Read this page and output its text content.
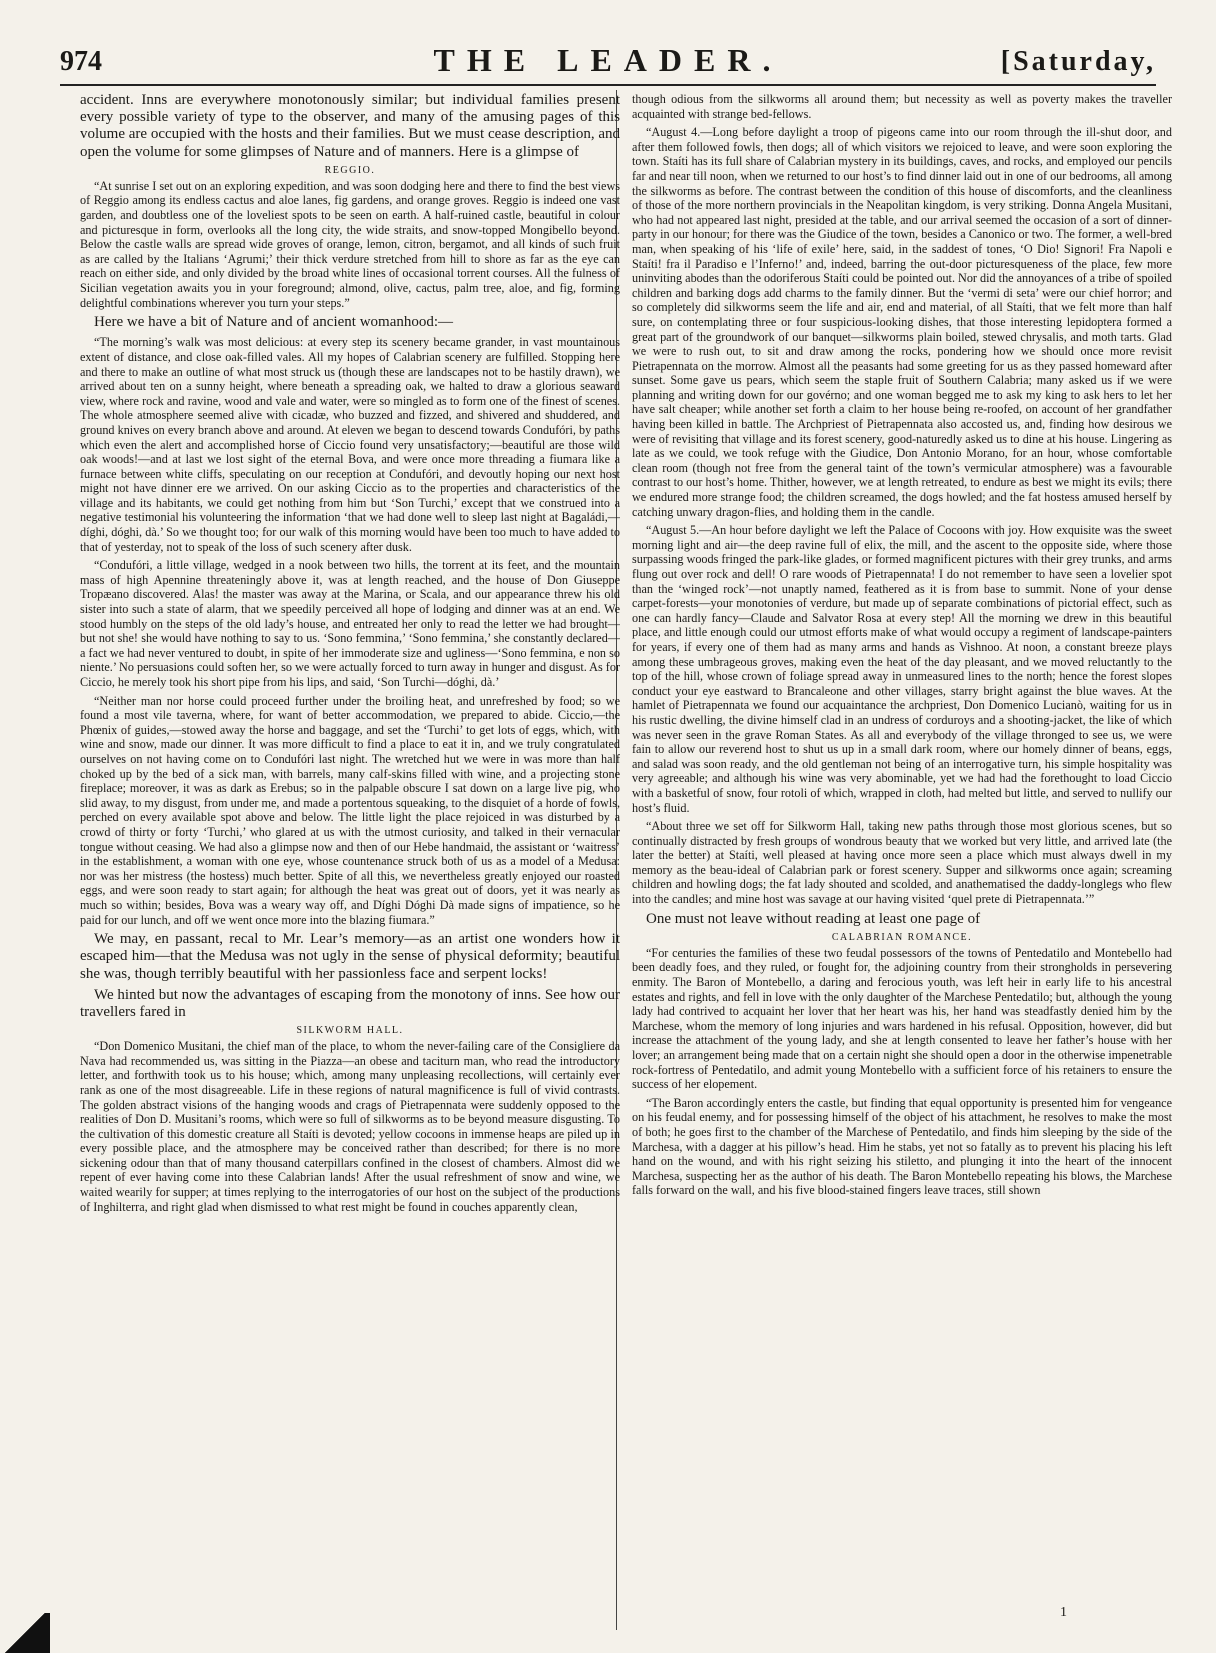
974	THE LEADER.	[Saturday,

accident. Inns are everywhere monotonously similar; but individual families present every possible variety of type to the observer, and many of the amusing pages of this volume are occupied with the hosts and their families. But we must cease description, and open the volume for some glimpses of Nature and of manners. Here is a glimpse of

REGGIO.

“At sunrise I set out on an exploring expedition, and was soon dodging here and there to find the best views of Reggio among its endless cactus and aloe lanes, fig gardens, and orange groves. Reggio is indeed one vast garden, and doubtless one of the loveliest spots to be seen on earth. A half-ruined castle, beautiful in colour and picturesque in form, overlooks all the long city, the wide straits, and snow-topped Mongibello beyond. Below the castle walls are spread wide groves of orange, lemon, citron, bergamot, and all kinds of such fruit as are called by the Italians ‘Agrumi;’ their thick verdure stretched from hill to shore as far as the eye can reach on either side, and only divided by the broad white lines of occasional torrent courses. All the fulness of Sicilian vegetation awaits you in your foreground; almond, olive, cactus, palm tree, aloe, and fig, forming delightful combinations wherever you turn your steps.”

Here we have a bit of Nature and of ancient womanhood:—

“The morning’s walk was most delicious: at every step its scenery became grander, in vast mountainous extent of distance, and close oak-filled vales. All my hopes of Calabrian scenery are fulfilled. Stopping here and there to make an outline of what most struck us (though these are landscapes not to be hastily drawn), we arrived about ten on a sunny height, where beneath a spreading oak, we halted to draw a glorious seaward view, where rock and ravine, wood and vale and water, were so mingled as to form one of the finest of scenes. The whole atmosphere seemed alive with cicadæ, who buzzed and fizzed, and shivered and shuddered, and ground knives on every branch above and around. At eleven we began to descend towards Condufóri, by paths which even the alert and accomplished horse of Ciccio found very unsatisfactory;—beautiful are those wild oak woods!—and at last we lost sight of the eternal Bova, and were once more threading a fiumara like a furnace between white cliffs, speculating on our reception at Condufóri, and devoutly hoping our next host might not have dinner ere we arrived. On our asking Ciccio as to the properties and characteristics of the village and its habitants, we could get nothing from him but ‘Son Turchi,’ except that we construed into a negative testimonial his volunteering the information ‘that we had done well to sleep last night at Bagaládi,—díghi, dóghi, dà.’ So we thought too; for our walk of this morning would have been too much to have added to that of yesterday, not to speak of the loss of such scenery after dusk.

“Condufóri, a little village, wedged in a nook between two hills, the torrent at its feet, and the mountain mass of high Apennine threateningly above it, was at length reached, and the house of Don Giuseppe Tropæano discovered. Alas! the master was away at the Marina, or Scala, and our appearance threw his old sister into such a state of alarm, that we speedily perceived all hope of lodging and dinner was at an end. We stood humbly on the steps of the old lady’s house, and entreated her only to read the letter we had brought—but not she! she would have nothing to say to us. ‘Sono femmina,’ ‘Sono femmina,’ she constantly declared—a fact we had never ventured to doubt, in spite of her immoderate size and ugliness—‘Sono femmina, e non so niente.’ No persuasions could soften her, so we were actually forced to turn away in hunger and disgust. As for Ciccio, he merely took his short pipe from his lips, and said, ‘Son Turchi—dóghi, dà.’

“Neither man nor horse could proceed further under the broiling heat, and unrefreshed by food; so we found a most vile taverna, where, for want of better accommodation, we prepared to abide. Ciccio,—the Phœnix of guides,—stowed away the horse and baggage, and set the ‘Turchi’ to get lots of eggs, which, with wine and snow, made our dinner. It was more difficult to find a place to eat it in, and we truly congratulated ourselves on not having come on to Condufóri last night. The wretched hut we were in was more than half choked up by the bed of a sick man, with barrels, many calf-skins filled with wine, and a projecting stone fireplace; moreover, it was as dark as Erebus; so in the palpable obscure I sat down on a large live pig, who slid away, to my disgust, from under me, and made a portentous squeaking, to the disquiet of a horde of fowls, perched on every available spot above and below. The little light the place rejoiced in was disturbed by a crowd of thirty or forty ‘Turchi,’ who glared at us with the utmost curiosity, and talked in their vernacular tongue without ceasing. We had also a glimpse now and then of our Hebe handmaid, the assistant or ‘waitress’ in the establishment, a woman with one eye, whose countenance struck both of us as a model of a Medusa: nor was her mistress (the hostess) much better. Spite of all this, we nevertheless greatly enjoyed our roasted eggs, and were soon ready to start again; for although the heat was great out of doors, yet it was nearly as much so within; besides, Bova was a weary way off, and Díghi Dóghi Dà made signs of impatience, so he paid for our lunch, and off we went once more into the blazing fiumara.”

We may, en passant, recal to Mr. Lear’s memory—as an artist one wonders how it escaped him—that the Medusa was not ugly in the sense of physical deformity; beautiful she was, though terribly beautiful with her passionless face and serpent locks!

We hinted but now the advantages of escaping from the monotony of inns. See how our travellers fared in

SILKWORM HALL.

“Don Domenico Musitani, the chief man of the place, to whom the never-failing care of the Consigliere da Nava had recommended us, was sitting in the Piazza—an obese and taciturn man, who read the introductory letter, and forthwith took us to his house; which, among many unpleasing recollections, will certainly ever rank as one of the most disagreeable. Life in these regions of natural magnificence is full of vivid contrasts. The golden abstract visions of the hanging woods and crags of Pietrapennata were suddenly opposed to the realities of Don D. Musitani’s rooms, which were so full of silkworms as to be beyond measure disgusting. To the cultivation of this domestic creature all Staíti is devoted; yellow cocoons in immense heaps are piled up in every possible place, and the atmosphere may be conceived rather than described; for there is no more sickening odour than that of many thousand caterpillars confined in the closest of chambers. Almost did we repent of ever having come into these Calabrian lands! After the usual refreshment of snow and wine, we waited wearily for supper; at times replying to the interrogatories of our host on the subject of the productions of Inghilterra, and right glad when dismissed to what rest might be found in couches apparently clean,

though odious from the silkworms all around them; but necessity as well as poverty makes the traveller acquainted with strange bed-fellows.

“August 4.—Long before daylight a troop of pigeons came into our room through the ill-shut door, and after them followed fowls, then dogs; all of which visitors we rejoiced to leave, and were soon exploring the town. Staíti has its full share of Calabrian mystery in its buildings, caves, and rocks, and employed our pencils far and near till noon, when we returned to our host’s to find dinner laid out in one of our bedrooms, all among the silkworms as before. The contrast between the condition of this house of discomforts, and the cleanliness of those of the more northern provincials in the Neapolitan kingdom, is very striking. Donna Angela Musitani, who had not appeared last night, presided at the table, and our arrival seemed the occasion of a sort of dinner-party in our honour; for there was the Giudice of the town, besides a Canonico or two. The former, a well-bred man, when speaking of his ‘life of exile’ here, said, in the saddest of tones, ‘O Dio! Signori! Fra Napoli e Staíti! fra il Paradiso e l’Inferno!’ and, indeed, barring the out-door picturesqueness of the place, few more uninviting abodes than the odoriferous Staíti could be pointed out. Nor did the annoyances of a tribe of spoiled children and barking dogs add charms to the family dinner. But the ‘vermi di seta’ were our chief horror; and so completely did silkworms seem the life and air, end and material, of all Staíti, that we felt more than half sure, on contemplating three or four suspicious-looking dishes, that those interesting lepidoptera formed a great part of the groundwork of our banquet—silkworms plain boiled, stewed chrysalis, and moth tarts. Glad we were to rush out, to sit and draw among the rocks, pondering how we should once more revisit Pietrapennata on the morrow. Almost all the peasants had some greeting for us as they passed homeward after sunset. Some gave us pears, which seem the staple fruit of Southern Calabria; many asked us if we were planning and writing down for our govérno; and one woman begged me to ask my king to ask hers to let her have salt cheaper; while another set forth a claim to her house being re-roofed, on account of her grandfather having been killed in battle. The Archpriest of Pietrapennata also accosted us, and, finding how desirous we were of revisiting that village and its forest scenery, good-naturedly asked us to dine at his house. Lingering as late as we could, we took refuge with the Giudice, Don Antonio Morano, for an hour, whose comfortable clean room (though not free from the general taint of the town’s vermicular atmosphere) was a favourable contrast to our host’s home. Thither, however, we at length retreated, to endure as best we might its evils; there we endured more strange food; the children screamed, the dogs howled; and the fat hostess amused herself by catching unwary dragon-flies, and holding them in the candle.

“August 5.—An hour before daylight we left the Palace of Cocoons with joy. How exquisite was the sweet morning light and air—the deep ravine full of elix, the mill, and the ascent to the opposite side, where those surpassing woods fringed the park-like glades, or formed magnificent pictures with their grey trunks, and arms flung out over rock and dell! O rare woods of Pietrapennata! I do not remember to have seen a lovelier spot than the ‘winged rock’—not unaptly named, feathered as it is from base to summit. None of your dense carpet-forests—your monotonies of verdure, but made up of separate combinations of pictorial effect, such as one can hardly fancy—Claude and Salvator Rosa at every step! All the morning we drew in this beautiful place, and little enough could our utmost efforts make of what would occupy a regiment of landscape-painters for years, if every one of them had as many arms and hands as Vishnoo. At noon, a constant breeze plays among these umbrageous groves, making even the heat of the day pleasant, and we moved reluctantly to the top of the hill, whose crown of foliage spread away in unmeasured lines to the north; hence the forest slopes conduct your eye eastward to Brancaleone and other villages, starry bright against the blue waves. At the hamlet of Pietrapennata we found our acquaintance the archpriest, Don Domenico Lucianò, waiting for us in his rustic dwelling, the divine himself clad in an undress of corduroys and a shooting-jacket, the like of which was never seen in the grave Roman States. As all and everybody of the village thronged to see us, we were fain to allow our reverend host to shut us up in a small dark room, where our homely dinner of beans, eggs, and salad was soon ready, and the old gentleman not being of an interrogative turn, his simple hospitality was very agreeable; and although his wine was very abominable, yet we had had the forethought to load Ciccio with a basketful of snow, four rotoli of which, wrapped in cloth, had melted but little, and served to nullify our host’s fluid.

“About three we set off for Silkworm Hall, taking new paths through those most glorious scenes, but so continually distracted by fresh groups of wondrous beauty that we worked but very little, and arrived late (the later the better) at Staíti, well pleased at having once more seen a place which must always dwell in my memory as the beau-ideal of Calabrian park or forest scenery. Supper and silkworms once again; screaming children and howling dogs; the fat lady shouted and scolded, and anathematised the daddy-longlegs who flew into the candles; and mine host was savage at our having visited ‘quel prete di Pietrapennata.’”

One must not leave without reading at least one page of

CALABRIAN ROMANCE.

“For centuries the families of these two feudal possessors of the towns of Pentedatilo and Montebello had been deadly foes, and they ruled, or fought for, the adjoining country from their strongholds in persevering enmity. The Baron of Montebello, a daring and ferocious youth, was left heir in early life to his ancestral estates and rights, and fell in love with the only daughter of the Marchese Pentedatilo; but, although the young lady had contrived to acquaint her lover that her heart was his, her hand was steadfastly denied him by the Marchese, whom the memory of long injuries and wars hardened in his refusal. Opposition, however, did but increase the attachment of the young lady, and she at length consented to leave her father’s house with her lover; an arrangement being made that on a certain night she should open a door in the otherwise impenetrable rock-fortress of Pentedatilo, and admit young Montebello with a sufficient force of his retainers to ensure the success of her elopement.

“The Baron accordingly enters the castle, but finding that equal opportunity is presented him for vengeance on his feudal enemy, and for possessing himself of the object of his attachment, he resolves to make the most of both; he goes first to the chamber of the Marchese of Pentedatilo, and finds him sleeping by the side of the Marchesa, with a dagger at his pillow’s head. Him he stabs, yet not so fatally as to prevent his placing his left hand on the wound, and with his right seizing his stiletto, and plunging it into the heart of the innocent Marchesa, suspecting her as the author of his death. The Baron Montebello repeating his blows, the Marchese falls forward on the wall, and his five blood-stained fingers leave traces, still shown

1
